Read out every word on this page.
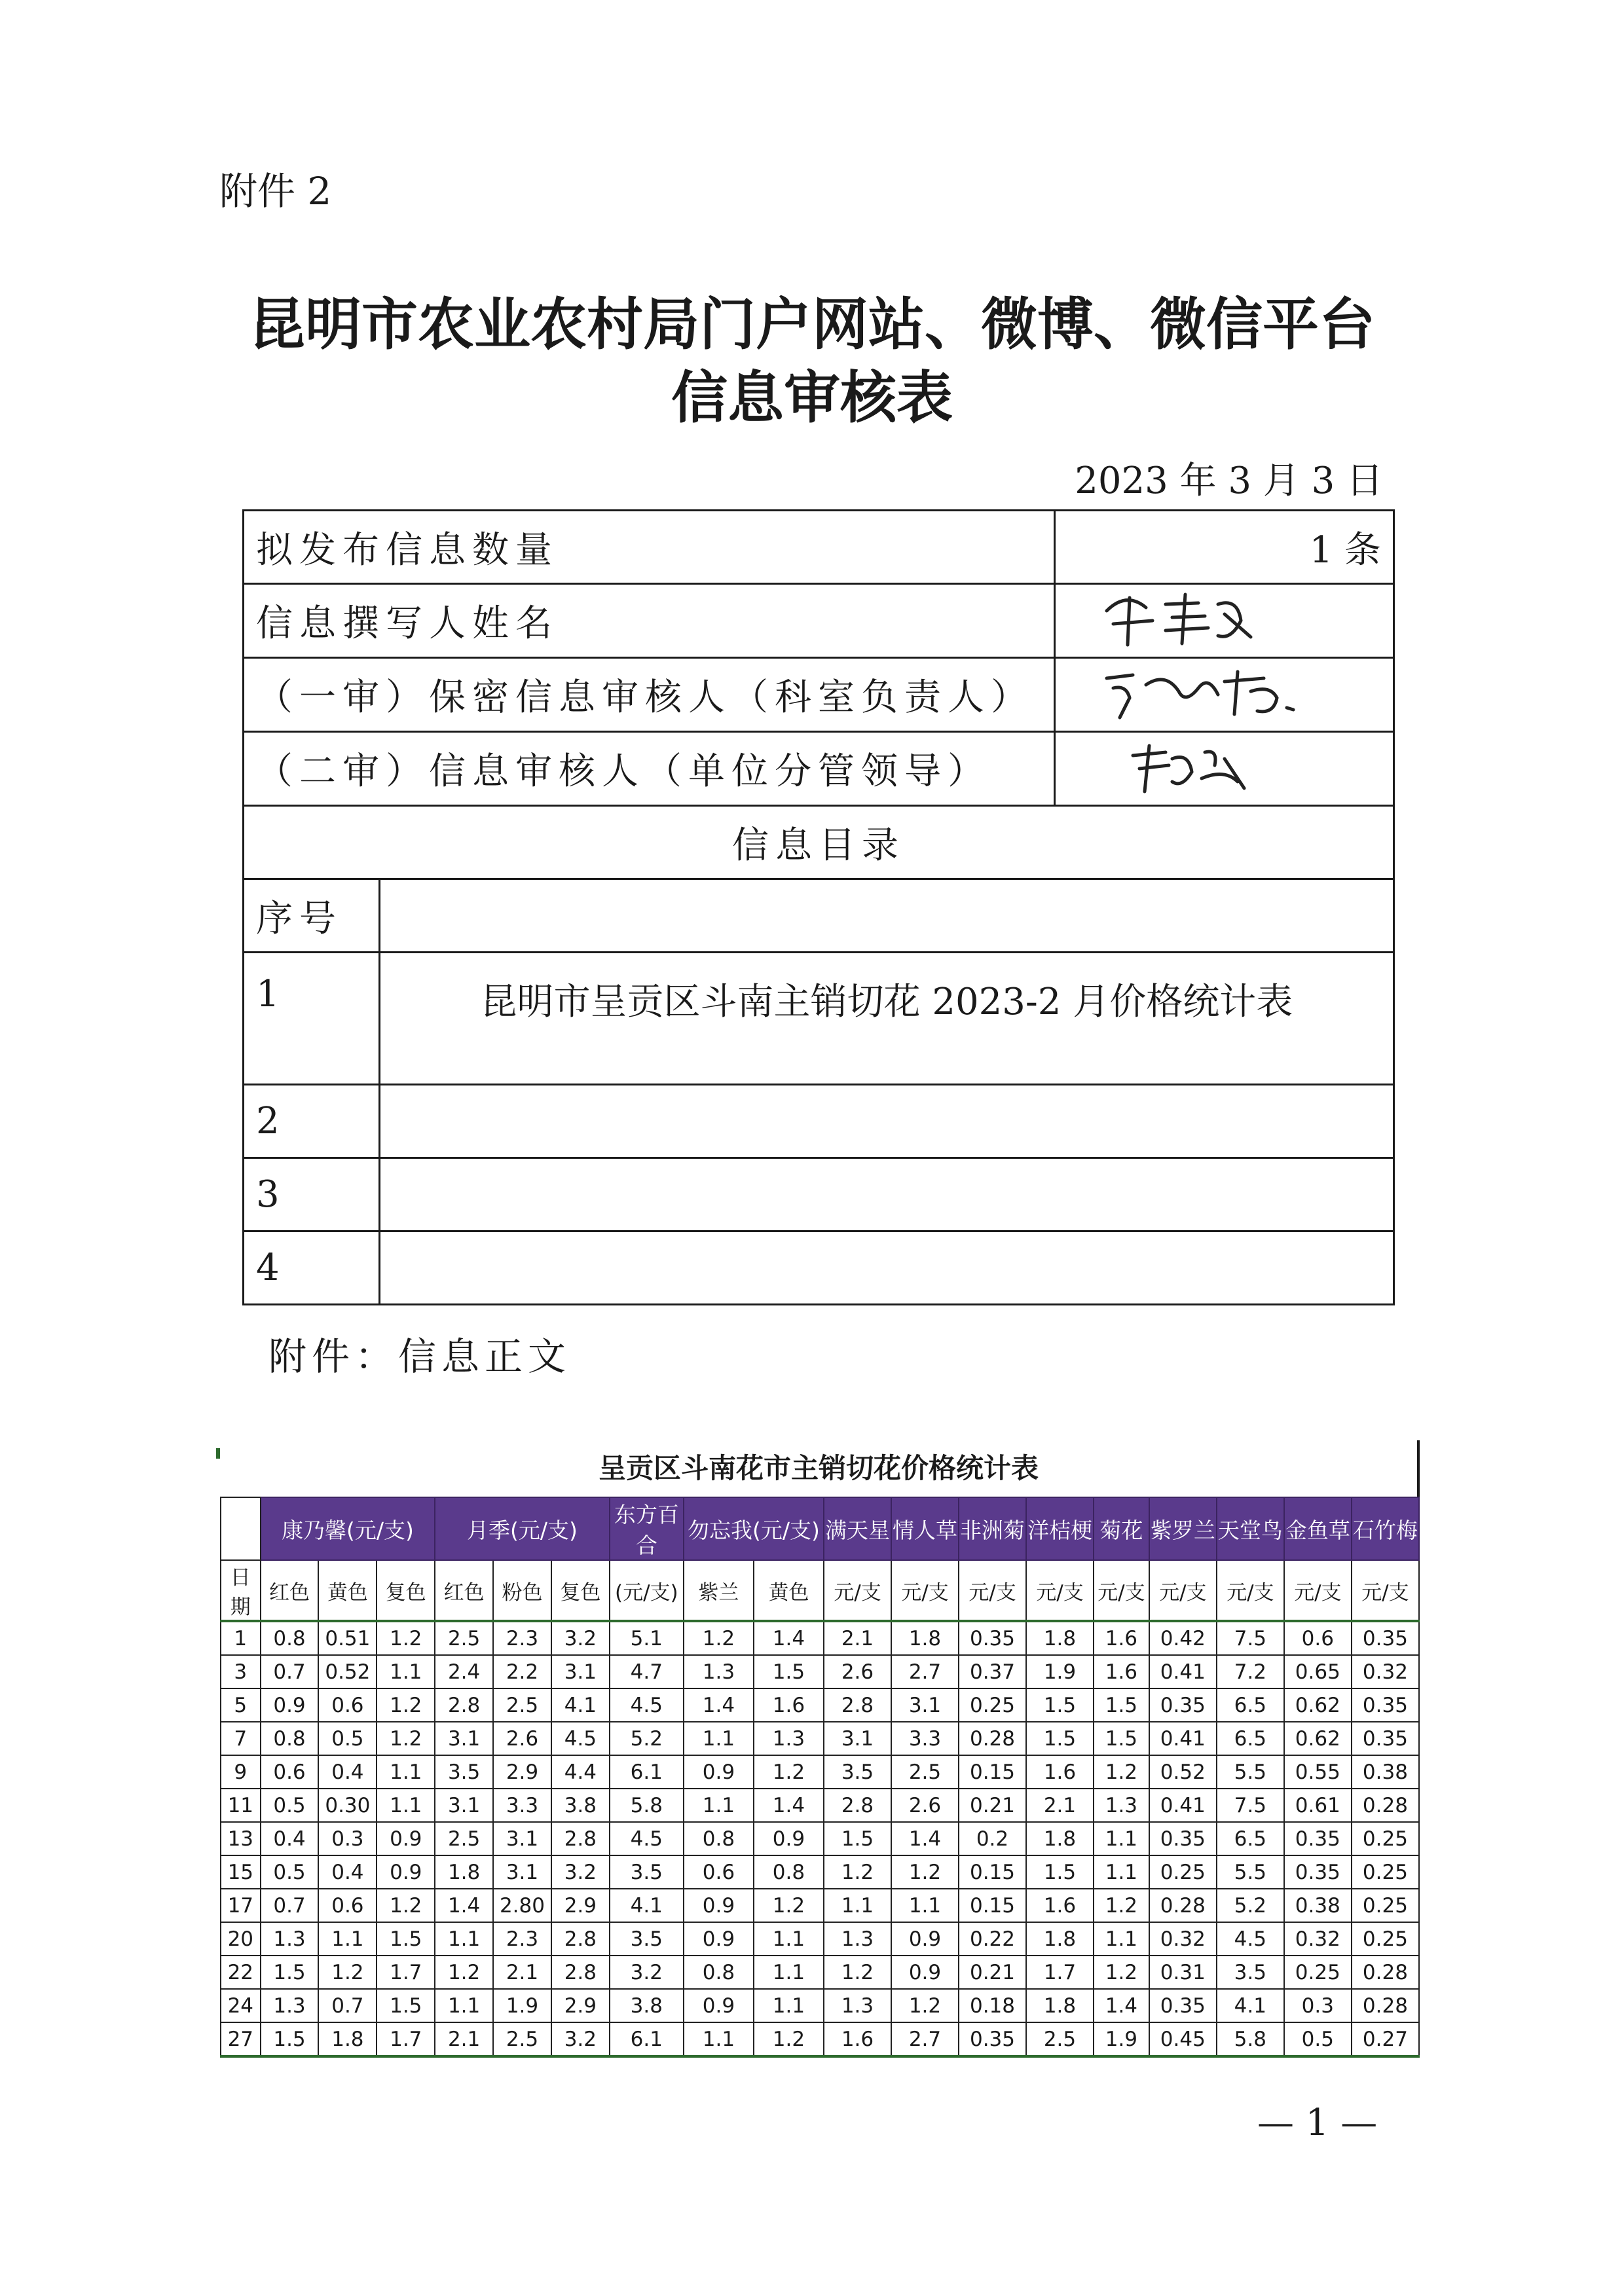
附件 2
昆明市农业农村局门户网站、微博、微信平台
信息审核表
2023 年 3 月 3 日
拟发布信息数量		1 条
信息撰写人姓名	
（一审）保密信息审核人（科室负责人）	
（二审）信息审核人（单位分管领导）	
信息目录		
序号		
1	昆明市呈贡区斗南主销切花 2023-2 月价格统计表	
2		
3		
4		
附件：信息正文
呈贡区斗南花市主销切花价格统计表
	康乃馨(元/支)			月季(元/支)			东方百合	勿忘我(元/支)		满天星	情人草	非洲菊	洋桔梗	菊花	紫罗兰	天堂鸟	金鱼草	石竹梅
日期	红色	黄色	复色	红色	粉色	复色	(元/支)	紫兰	黄色	元/支	元/支	元/支	元/支	元/支	元/支	元/支	元/支	元/支
1	0.8	0.51	1.2	2.5	2.3	3.2	5.1	1.2	1.4	2.1	1.8	0.35	1.8	1.6	0.42	7.5	0.6	0.35
3	0.7	0.52	1.1	2.4	2.2	3.1	4.7	1.3	1.5	2.6	2.7	0.37	1.9	1.6	0.41	7.2	0.65	0.32
5	0.9	0.6	1.2	2.8	2.5	4.1	4.5	1.4	1.6	2.8	3.1	0.25	1.5	1.5	0.35	6.5	0.62	0.35
7	0.8	0.5	1.2	3.1	2.6	4.5	5.2	1.1	1.3	3.1	3.3	0.28	1.5	1.5	0.41	6.5	0.62	0.35
9	0.6	0.4	1.1	3.5	2.9	4.4	6.1	0.9	1.2	3.5	2.5	0.15	1.6	1.2	0.52	5.5	0.55	0.38
11	0.5	0.30	1.1	3.1	3.3	3.8	5.8	1.1	1.4	2.8	2.6	0.21	2.1	1.3	0.41	7.5	0.61	0.28
13	0.4	0.3	0.9	2.5	3.1	2.8	4.5	0.8	0.9	1.5	1.4	0.2	1.8	1.1	0.35	6.5	0.35	0.25
15	0.5	0.4	0.9	1.8	3.1	3.2	3.5	0.6	0.8	1.2	1.2	0.15	1.5	1.1	0.25	5.5	0.35	0.25
17	0.7	0.6	1.2	1.4	2.80	2.9	4.1	0.9	1.2	1.1	1.1	0.15	1.6	1.2	0.28	5.2	0.38	0.25
20	1.3	1.1	1.5	1.1	2.3	2.8	3.5	0.9	1.1	1.3	0.9	0.22	1.8	1.1	0.32	4.5	0.32	0.25
22	1.5	1.2	1.7	1.2	2.1	2.8	3.2	0.8	1.1	1.2	0.9	0.21	1.7	1.2	0.31	3.5	0.25	0.28
24	1.3	0.7	1.5	1.1	1.9	2.9	3.8	0.9	1.1	1.3	1.2	0.18	1.8	1.4	0.35	4.1	0.3	0.28
27	1.5	1.8	1.7	2.1	2.5	3.2	6.1	1.1	1.2	1.6	2.7	0.35	2.5	1.9	0.45	5.8	0.5	0.27
— 1 —
